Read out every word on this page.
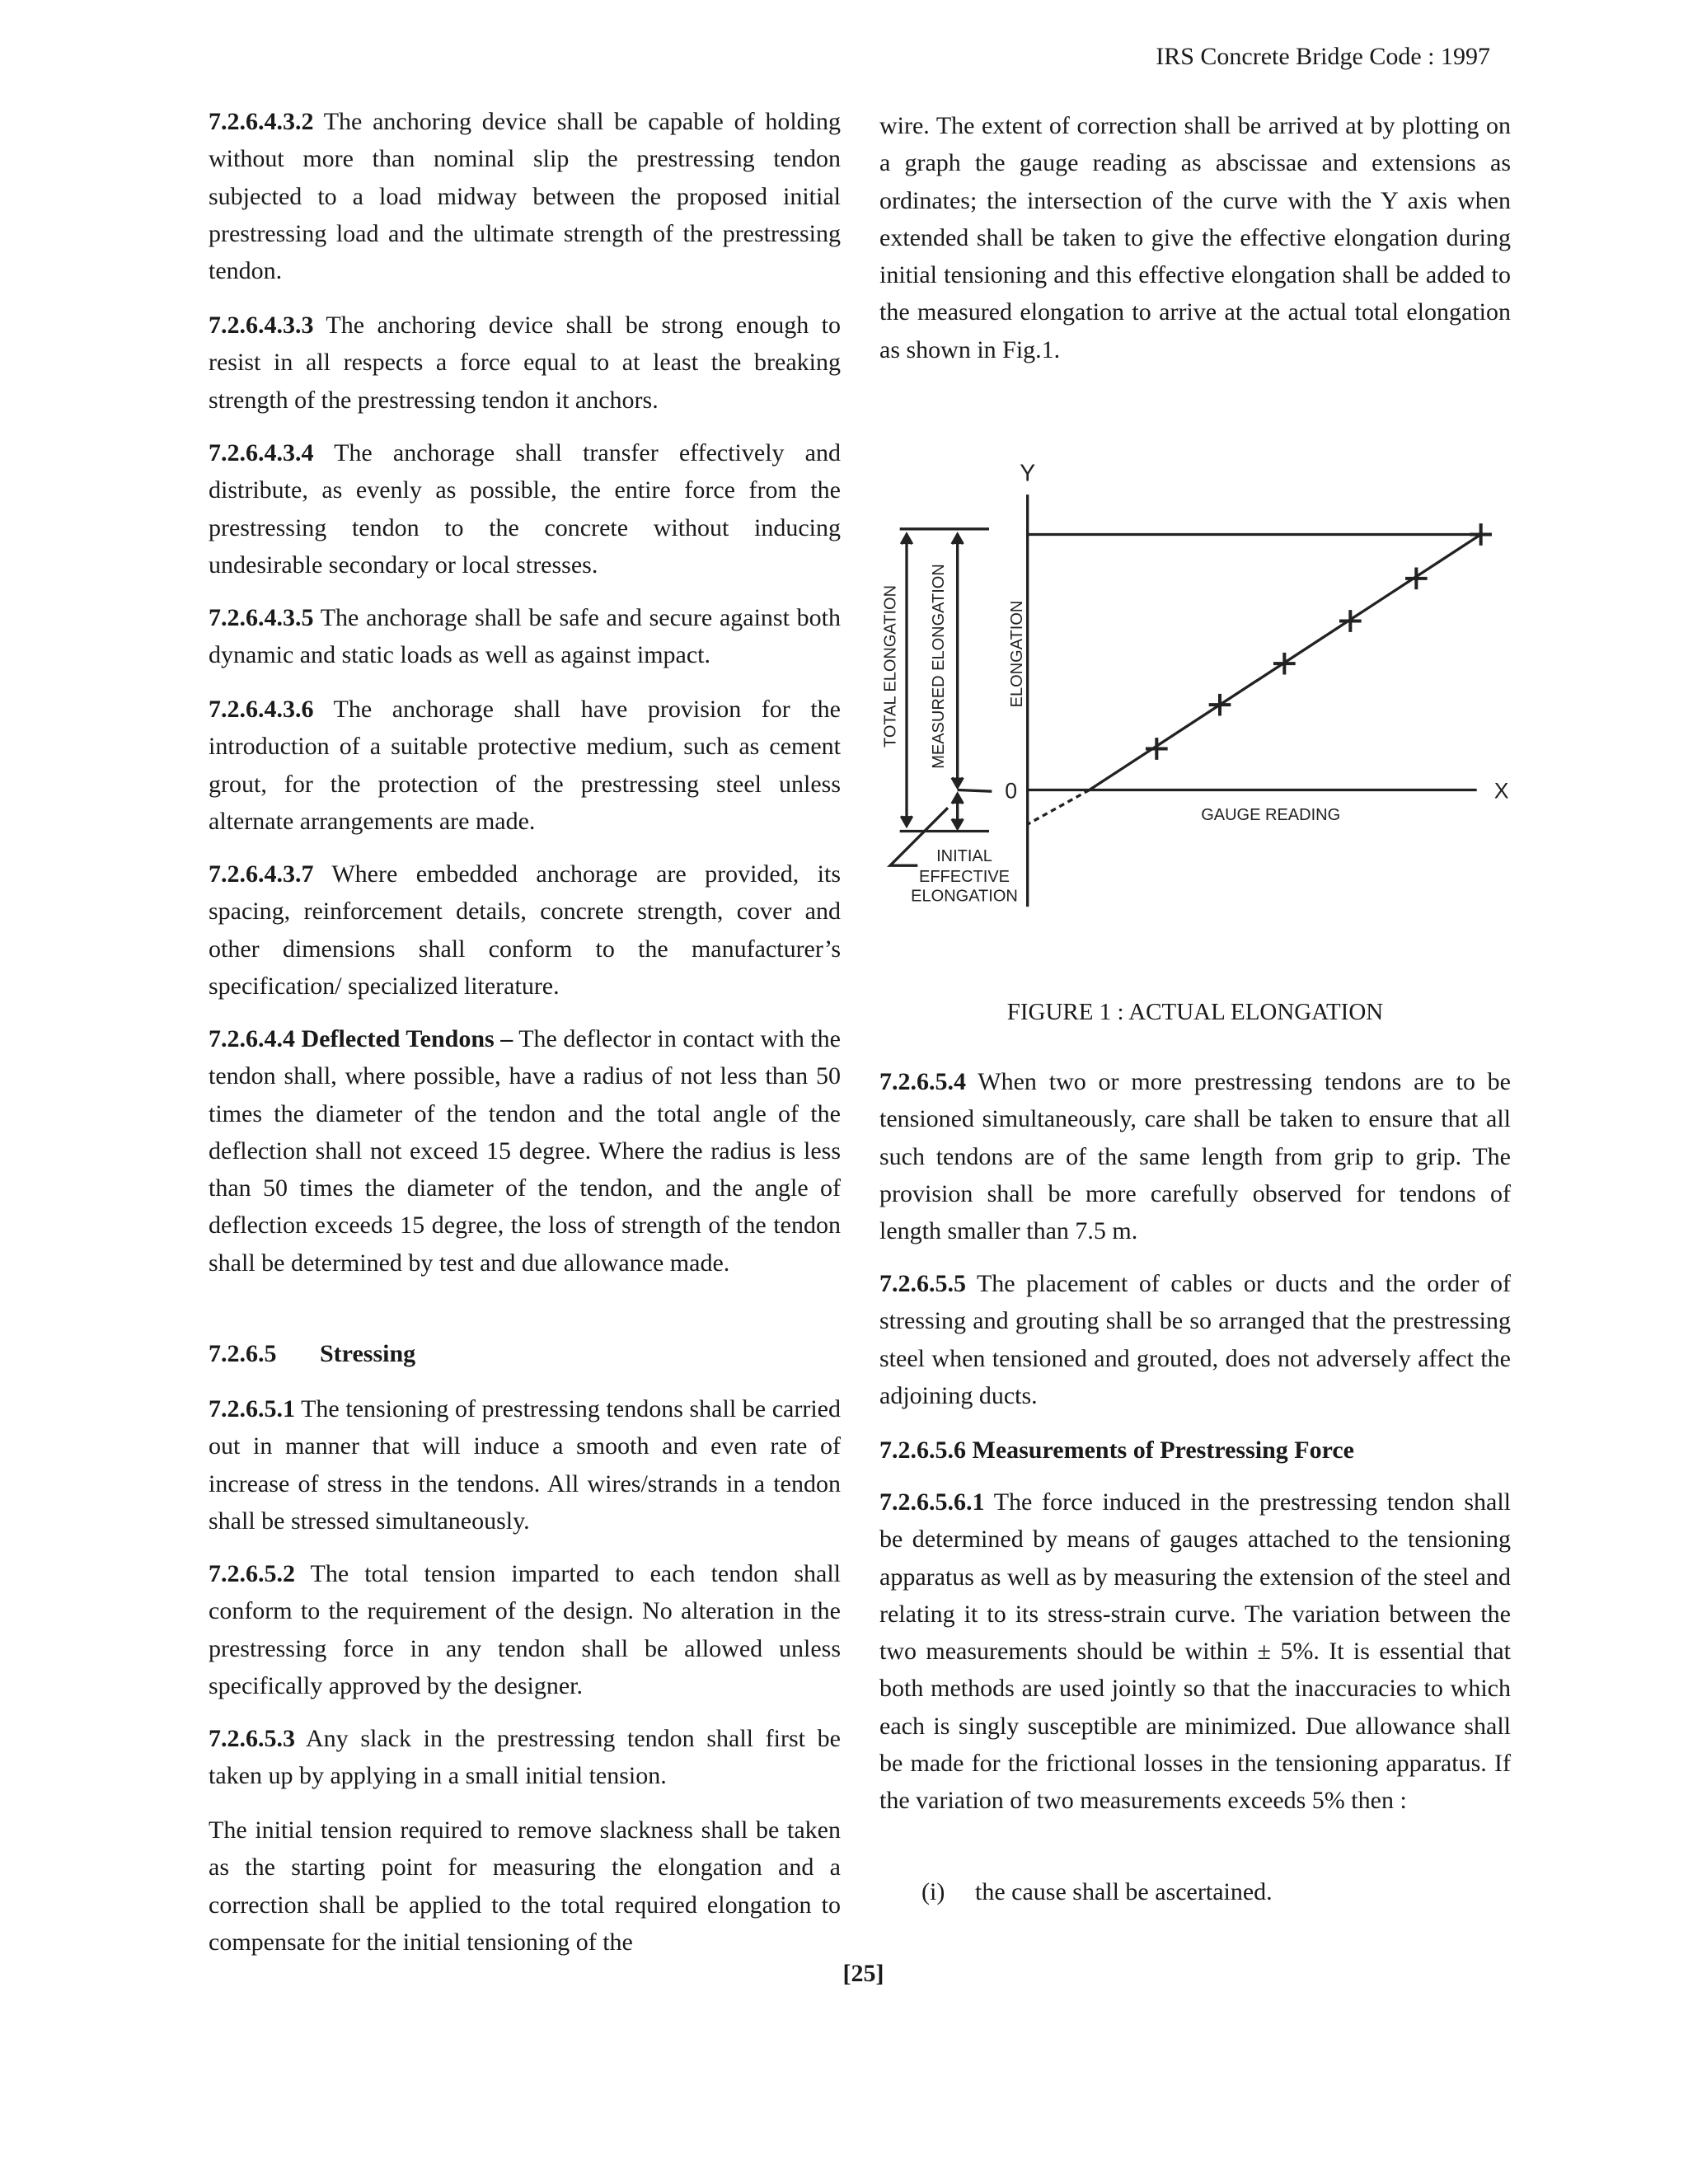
IRS Concrete Bridge Code : 1997

7.2.6.4.3.2 The anchoring device shall be capable of holding without more than nominal slip the prestressing tendon subjected to a load midway between the proposed initial prestressing load and the ultimate strength of the prestressing tendon.

7.2.6.4.3.3 The anchoring device shall be strong enough to resist in all respects a force equal to at least the breaking strength of the prestressing tendon it anchors.

7.2.6.4.3.4 The anchorage shall transfer effectively and distribute, as evenly as possible, the entire force from the prestressing tendon to the concrete without inducing undesirable secondary or local stresses.

7.2.6.4.3.5 The anchorage shall be safe and secure against both dynamic and static loads as well as against impact.

7.2.6.4.3.6 The anchorage shall have provision for the introduction of a suitable protective medium, such as cement grout, for the protection of the prestressing steel unless alternate arrangements are made.

7.2.6.4.3.7 Where embedded anchorage are provided, its spacing, reinforcement details, concrete strength, cover and other dimensions shall conform to the manufacturer’s specification/ specialized literature.

7.2.6.4.4 Deflected Tendons – The deflector in contact with the tendon shall, where possible, have a radius of not less than 50 times the diameter of the tendon and the total angle of the deflection shall not exceed 15 degree. Where the radius is less than 50 times the diameter of the tendon, and the angle of deflection exceeds 15 degree, the loss of strength of the tendon shall be determined by test and due allowance made.

7.2.6.5 Stressing

7.2.6.5.1 The tensioning of prestressing tendons shall be carried out in manner that will induce a smooth and even rate of increase of stress in the tendons. All wires/strands in a tendon shall be stressed simultaneously.

7.2.6.5.2 The total tension imparted to each tendon shall conform to the requirement of the design. No alteration in the prestressing force in any tendon shall be allowed unless specifically approved by the designer.

7.2.6.5.3 Any slack in the prestressing tendon shall first be taken up by applying in a small initial tension.

The initial tension required to remove slackness shall be taken as the starting point for measuring the elongation and a correction shall be applied to the total required elongation to compensate for the initial tensioning of the

wire. The extent of correction shall be arrived at by plotting on a graph the gauge reading as abscissae and extensions as ordinates; the intersection of the curve with the Y axis when extended shall be taken to give the effective elongation during initial tensioning and this effective elongation shall be added to the measured elongation to arrive at the actual total elongation as shown in Fig.1.

Y
X
0
GAUGE READING
ELONGATION
TOTAL ELONGATION	MEASURED ELONGATION
INITIAL
EFFECTIVE
ELONGATION
FIGURE 1 : ACTUAL ELONGATION

7.2.6.5.4 When two or more prestressing tendons are to be tensioned simultaneously, care shall be taken to ensure that all such tendons are of the same length from grip to grip. The provision shall be more carefully observed for tendons of length smaller than 7.5 m.

7.2.6.5.5 The placement of cables or ducts and the order of stressing and grouting shall be so arranged that the prestressing steel when tensioned and grouted, does not adversely affect the adjoining ducts.

7.2.6.5.6 Measurements of Prestressing Force

7.2.6.5.6.1 The force induced in the prestressing tendon shall be determined by means of gauges attached to the tensioning apparatus as well as by measuring the extension of the steel and relating it to its stress-strain curve. The variation between the two measurements should be within ± 5%. It is essential that both methods are used jointly so that the inaccuracies to which each is singly susceptible are minimized. Due allowance shall be made for the frictional losses in the tensioning apparatus. If the variation of two measurements exceeds 5% then :

(i)	the cause shall be ascertained.
[25]
